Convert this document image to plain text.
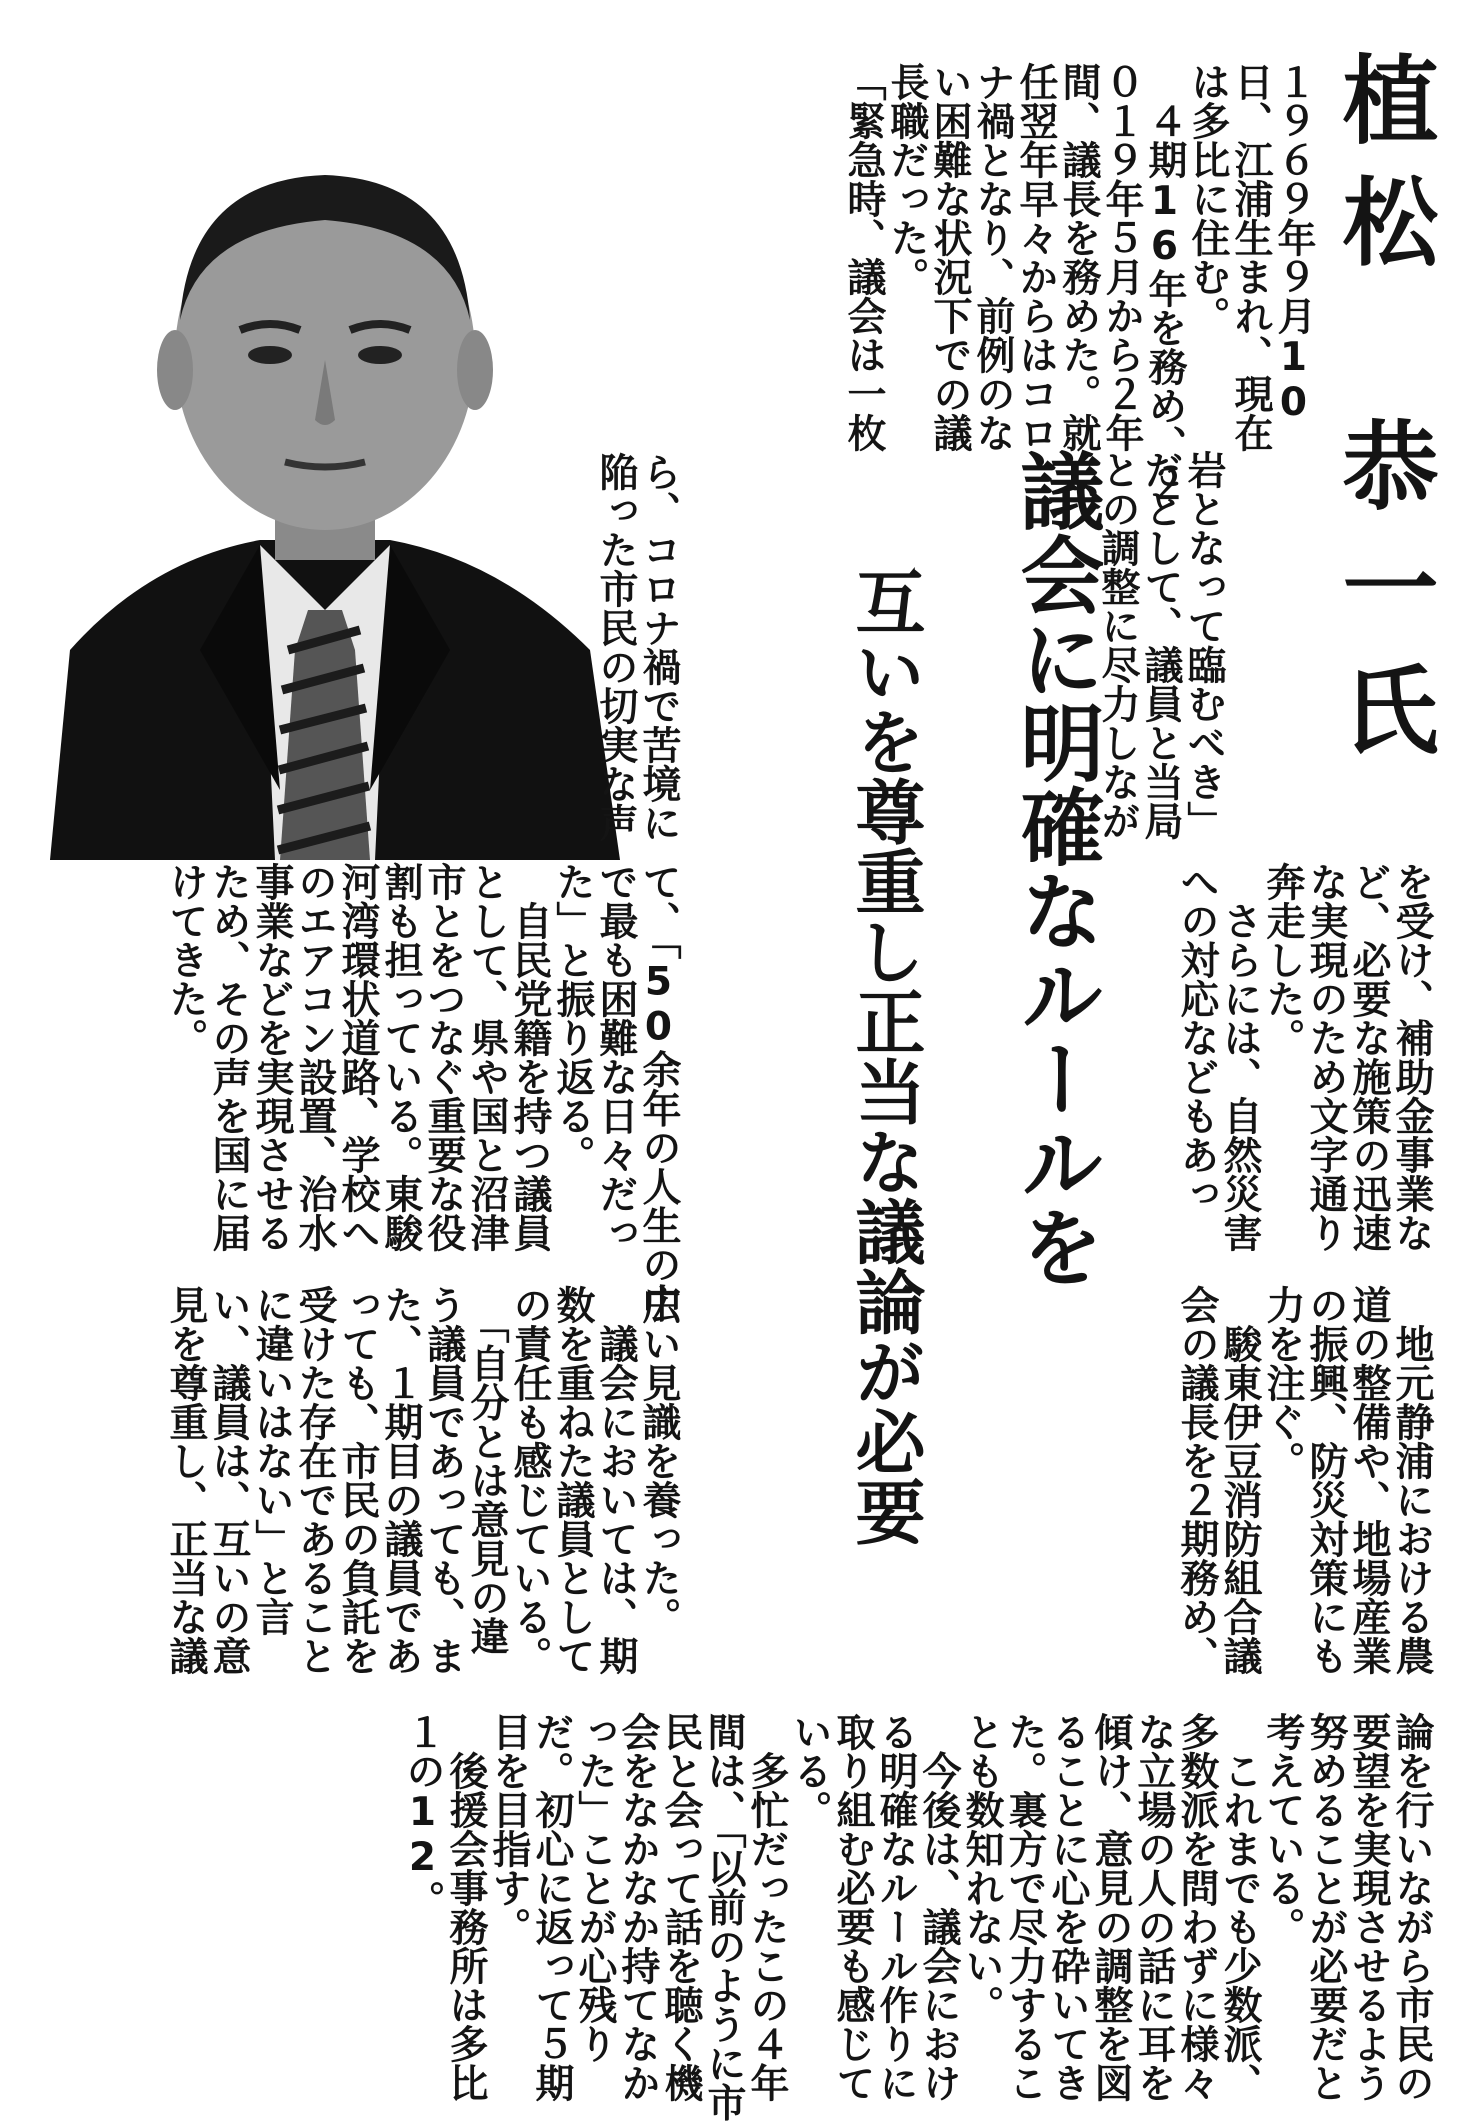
植松　恭一氏
１９６９年９月10
日、江浦生まれ、現在
は多比に住む。
　４期16年を務め、２
０１９年５月から２年
間、議長を務めた。就
任翌年早々からはコロ
ナ禍となり、前例のな
い困難な状況下での議
長職だった。
「緊急時、議会は一枚
岩となって臨むべき」
だとして、議員と当局
との調整に尽力しなが
ら、コロナ禍で苦境に
陥った市民の切実な声	議会に明確なルールを
互いを尊重し正当な議論が必要	を受け、補助金事業な
ど、必要な施策の迅速
な実現のため文字通り
奔走した。
　さらには、自然災害
への対応などもあっ
て、「50余年の人生の中
で最も困難な日々だっ
た」と振り返る。
　自民党籍を持つ議員
として、県や国と沼津
市とをつなぐ重要な役
割も担っている。東駿
河湾環状道路、学校へ
のエアコン設置、治水
事業などを実現させる
ため、その声を国に届
けてきた。
　地元静浦における農
道の整備や、地場産業
の振興、防災対策にも
力を注ぐ。
　駿東伊豆消防組合議
会の議長を２期務め、
広い見識を養った。
　議会においては、期
数を重ねた議員として
の責任も感じている。
　「自分とは意見の違
う議員であっても、ま
た、１期目の議員であ
っても、市民の負託を
受けた存在であること
に違いはない」と言
い、議員は、互いの意
見を尊重し、正当な議
論を行いながら市民の
要望を実現させるよう
努めることが必要だと
考えている。
　これまでも少数派、
多数派を問わずに様々
な立場の人の話に耳を
傾け、意見の調整を図
ることに心を砕いてき
た。裏方で尽力するこ
とも数知れない。
　今後は、議会におけ
る明確なルール作りに
取り組む必要も感じて
いる。
　多忙だったこの４年
間は、「以前のように市
民と会って話を聴く機
会をなかなか持てなか
った」ことが心残り
だ。初心に返って５期
目を目指す。
　後援会事務所は多比
１の12。
